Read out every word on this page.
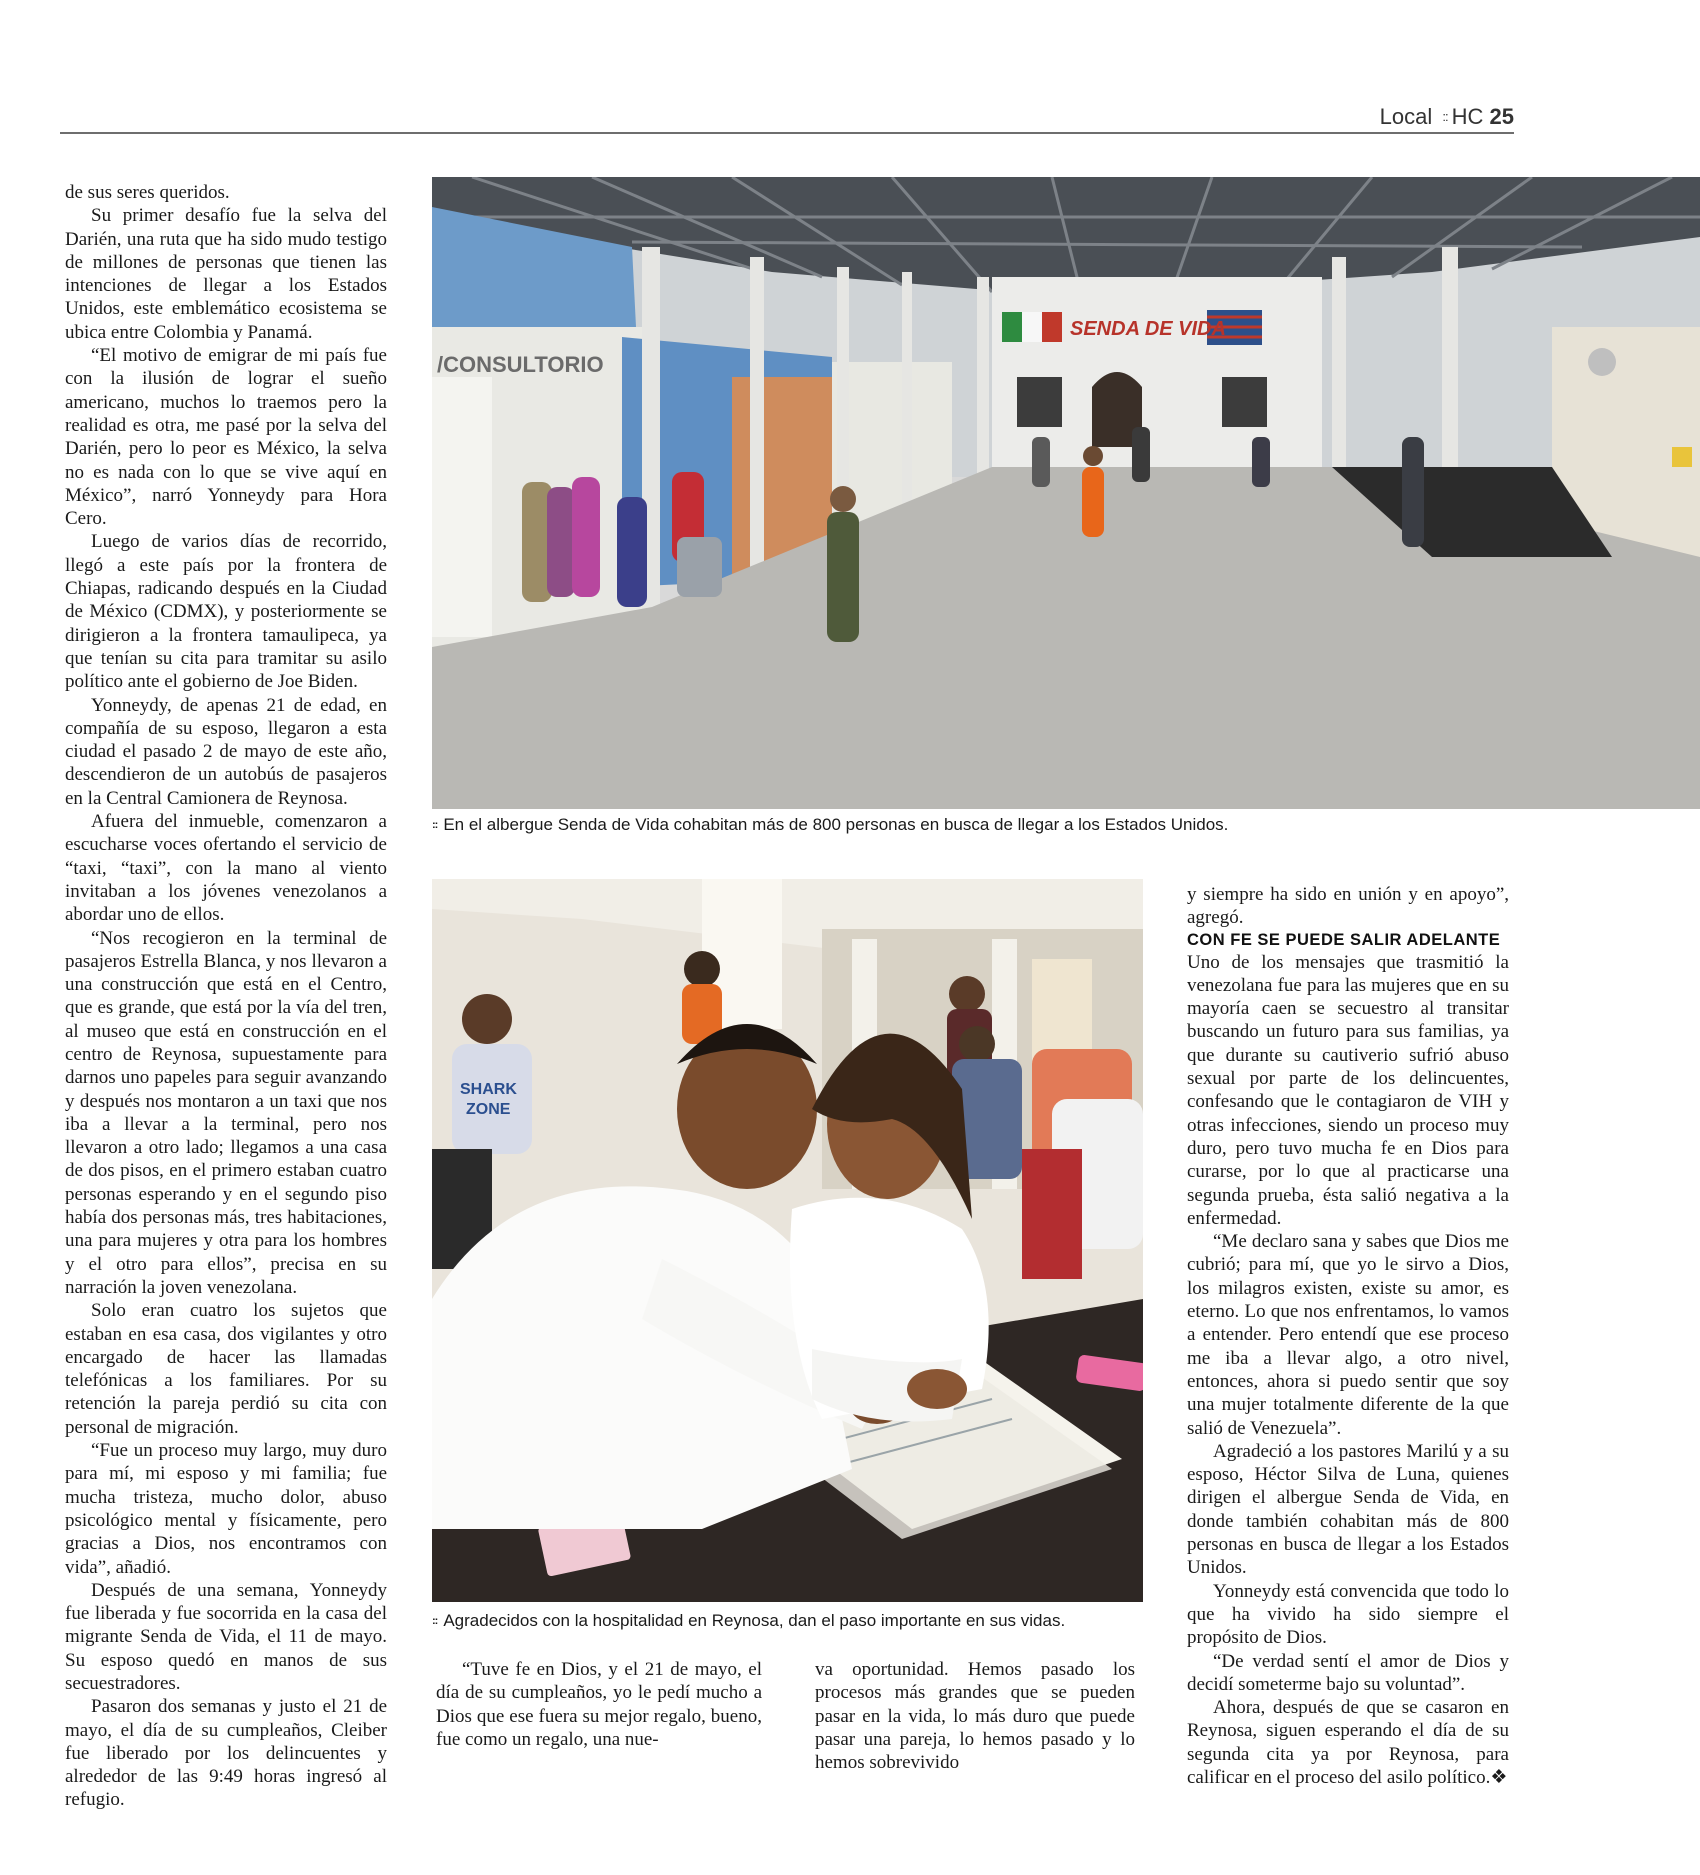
Local :: HC 25

de sus seres queridos.

Su primer desafío fue la selva del Darién, una ruta que ha sido mudo testigo de millones de personas que tienen las intenciones de llegar a los Estados Unidos, este emblemático ecosistema se ubica entre Colombia y Panamá.

“El motivo de emigrar de mi país fue con la ilusión de lograr el sueño americano, muchos lo traemos pero la realidad es otra, me pasé por la selva del Darién, pero lo peor es México, la selva no es nada con lo que se vive aquí en México”, narró Yonneydy para Hora Cero.

Luego de varios días de recorrido, llegó a este país por la frontera de Chiapas, radicando después en la Ciudad de México (CDMX), y posteriormente se dirigieron a la frontera tamaulipeca, ya que tenían su cita para tramitar su asilo político ante el gobierno de Joe Biden.

Yonneydy, de apenas 21 de edad, en compañía de su esposo, llegaron a esta ciudad el pasado 2 de mayo de este año, descendieron de un autobús de pasajeros en la Central Camionera de Reynosa.

Afuera del inmueble, comenzaron a escucharse voces ofertando el servicio de “taxi, “taxi”, con la mano al viento invitaban a los jóvenes venezolanos a abordar uno de ellos.

“Nos recogieron en la terminal de pasajeros Estrella Blanca, y nos llevaron a una construcción que está en el Centro, que es grande, que está por la vía del tren, al museo que está en construcción en el centro de Reynosa, supuestamente para darnos uno papeles para seguir avanzando y después nos montaron a un taxi que nos iba a llevar a la terminal, pero nos llevaron a otro lado; llegamos a una casa de dos pisos, en el primero estaban cuatro personas esperando y en el segundo piso había dos personas más, tres habitaciones, una para mujeres y otra para los hombres y el otro para ellos”, precisa en su narración la joven venezolana.

Solo eran cuatro los sujetos que estaban en esa casa, dos vigilantes y otro encargado de hacer las llamadas telefónicas a los familiares. Por su retención la pareja perdió su cita con personal de migración.

“Fue un proceso muy largo, muy duro para mí, mi esposo y mi familia; fue mucha tristeza, mucho dolor, abuso psicológico mental y físicamente, pero gracias a Dios, nos encontramos con vida”, añadió.

Después de una semana, Yonneydy fue liberada y fue socorrida en la casa del migrante Senda de Vida, el 11 de mayo. Su esposo quedó en manos de sus secuestradores.

Pasaron dos semanas y justo el 21 de mayo, el día de su cumpleaños, Cleiber fue liberado por los delincuentes y alrededor de las 9:49 horas ingresó al refugio.

/CONSULTORIO
SENDA DE VIDA
:: En el albergue Senda de Vida cohabitan más de 800 personas en busca de llegar a los Estados Unidos.
SHARK
ZONE
:: Agradecidos con la hospitalidad en Reynosa, dan el paso importante en sus vidas.

“Tuve fe en Dios, y el 21 de mayo, el día de su cumpleaños, yo le pedí mucho a Dios que ese fuera su mejor regalo, bueno, fue como un regalo, una nue-

va oportunidad. Hemos pasado los procesos más grandes que se pueden pasar en la vida, lo más duro que puede pasar una pareja, lo hemos pasado y lo hemos sobrevivido

y siempre ha sido en unión y en apoyo”, agregó.

CON FE SE PUEDE SALIR ADELANTE

Uno de los mensajes que trasmitió la venezolana fue para las mujeres que en su mayoría caen se secuestro al transitar buscando un futuro para sus familias, ya que durante su cautiverio sufrió abuso sexual por parte de los delincuentes, confesando que le contagiaron de VIH y otras infecciones, siendo un proceso muy duro, pero tuvo mucha fe en Dios para curarse, por lo que al practicarse una segunda prueba, ésta salió negativa a la enfermedad.

“Me declaro sana y sabes que Dios me cubrió; para mí, que yo le sirvo a Dios, los milagros existen, existe su amor, es eterno. Lo que nos enfrentamos, lo vamos a entender. Pero entendí que ese proceso me iba a llevar algo, a otro nivel, entonces, ahora si puedo sentir que soy una mujer totalmente diferente de la que salió de Venezuela”.

Agradeció a los pastores Marilú y a su esposo, Héctor Silva de Luna, quienes dirigen el albergue Senda de Vida, en donde también cohabitan más de 800 personas en busca de llegar a los Estados Unidos.

Yonneydy está convencida que todo lo que ha vivido ha sido siempre el propósito de Dios.

“De verdad sentí el amor de Dios y decidí someterme bajo su voluntad”.

Ahora, después de que se casaron en Reynosa, siguen esperando el día de su segunda cita ya por Reynosa, para calificar en el proceso del asilo político.❖
